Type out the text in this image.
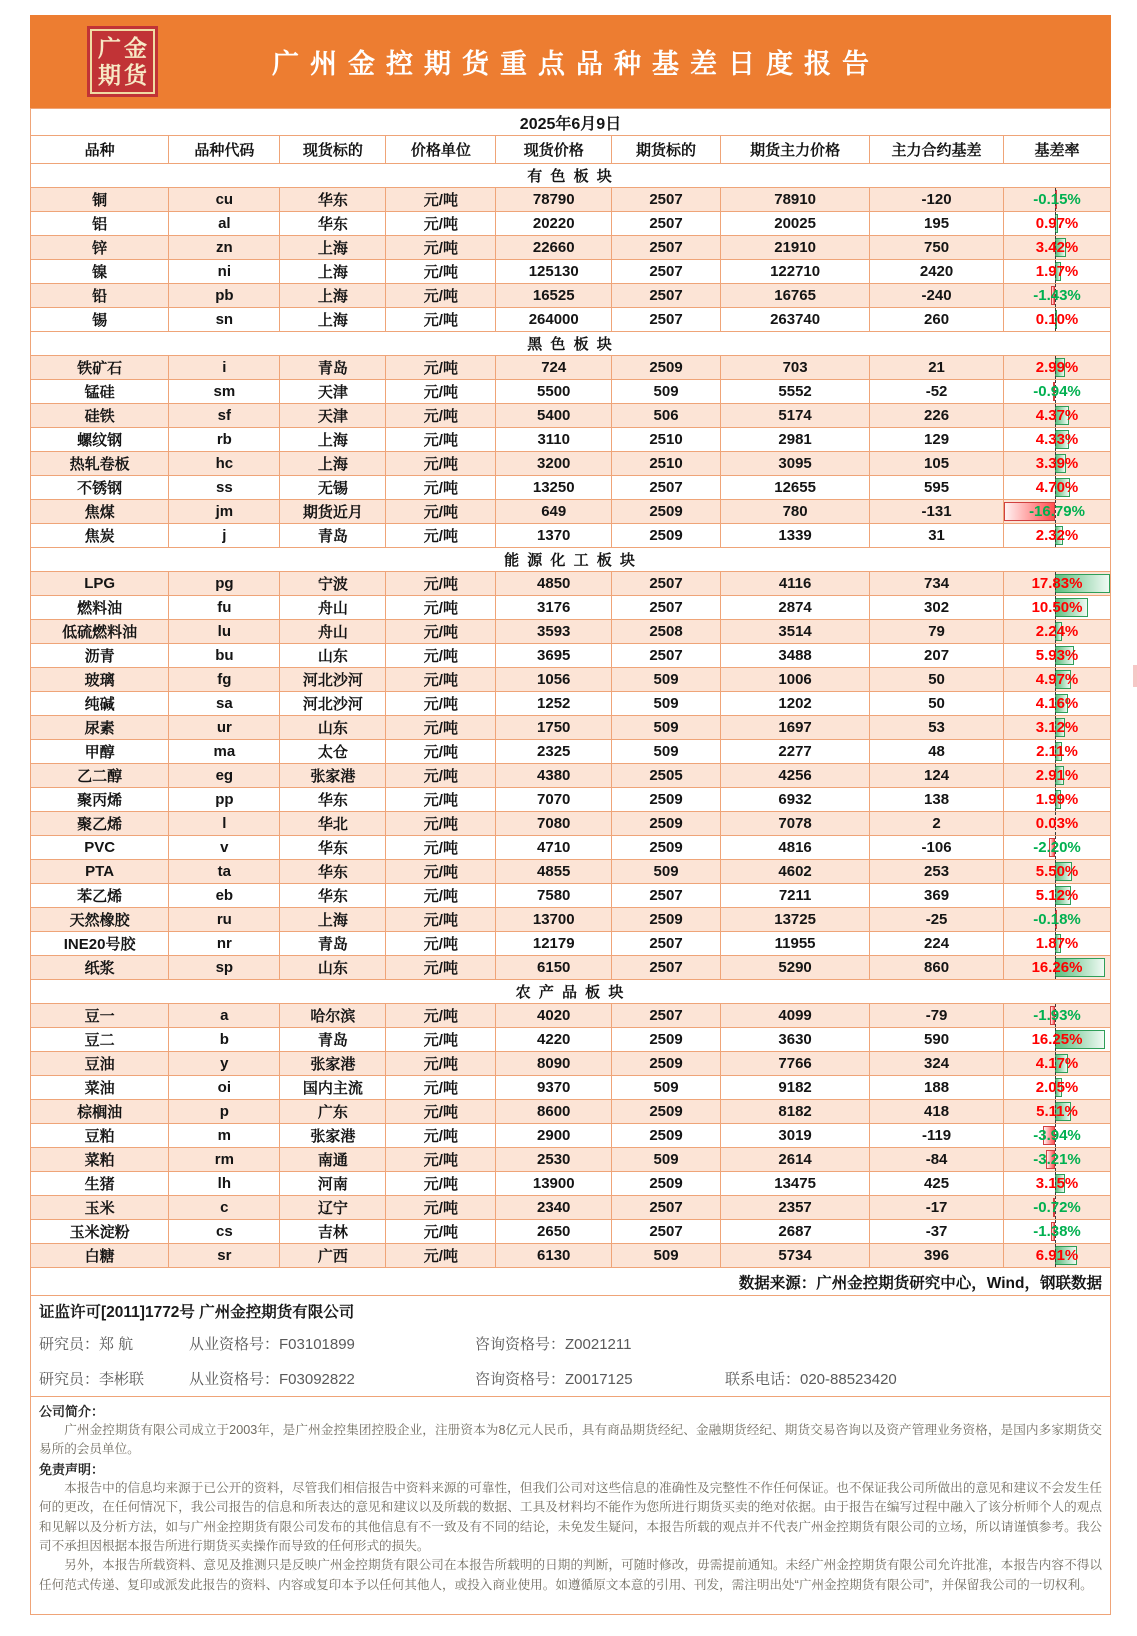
广金
期货	广州金控期货重点品种基差日度报告
2025年6月9日								
品种	品种代码	现货标的	价格单位	现货价格	期货标的	期货主力价格	主力合约基差	基差率
有 色 板 块								
铜	cu	华东	元/吨	78790	2507	78910	-120	-0.15%

铝	al	华东	元/吨	20220	2507	20025	195	0.97%

锌	zn	上海	元/吨	22660	2507	21910	750	3.42%

镍	ni	上海	元/吨	125130	2507	122710	2420	1.97%

铅	pb	上海	元/吨	16525	2507	16765	-240	-1.43%

锡	sn	上海	元/吨	264000	2507	263740	260	0.10%

黑 色 板 块								
铁矿石	i	青岛	元/吨	724	2509	703	21	2.99%

锰硅	sm	天津	元/吨	5500	509	5552	-52	-0.94%

硅铁	sf	天津	元/吨	5400	506	5174	226	4.37%

螺纹钢	rb	上海	元/吨	3110	2510	2981	129	4.33%

热轧卷板	hc	上海	元/吨	3200	2510	3095	105	3.39%

不锈钢	ss	无锡	元/吨	13250	2507	12655	595	4.70%

焦煤	jm	期货近月	元/吨	649	2509	780	-131	-16.79%

焦炭	j	青岛	元/吨	1370	2509	1339	31	2.32%

能 源 化 工 板 块								
LPG	pg	宁波	元/吨	4850	2507	4116	734	17.83%

燃料油	fu	舟山	元/吨	3176	2507	2874	302	10.50%

低硫燃料油	lu	舟山	元/吨	3593	2508	3514	79	2.24%

沥青	bu	山东	元/吨	3695	2507	3488	207	5.93%

玻璃	fg	河北沙河	元/吨	1056	509	1006	50	4.97%

纯碱	sa	河北沙河	元/吨	1252	509	1202	50	4.16%

尿素	ur	山东	元/吨	1750	509	1697	53	3.12%

甲醇	ma	太仓	元/吨	2325	509	2277	48	2.11%

乙二醇	eg	张家港	元/吨	4380	2505	4256	124	2.91%

聚丙烯	pp	华东	元/吨	7070	2509	6932	138	1.99%

聚乙烯	l	华北	元/吨	7080	2509	7078	2	0.03%

PVC	v	华东	元/吨	4710	2509	4816	-106	-2.20%

PTA	ta	华东	元/吨	4855	509	4602	253	5.50%

苯乙烯	eb	华东	元/吨	7580	2507	7211	369	5.12%

天然橡胶	ru	上海	元/吨	13700	2509	13725	-25	-0.18%

INE20号胶	nr	青岛	元/吨	12179	2507	11955	224	1.87%

纸浆	sp	山东	元/吨	6150	2507	5290	860	16.26%

农 产 品 板 块								
豆一	a	哈尔滨	元/吨	4020	2507	4099	-79	-1.93%

豆二	b	青岛	元/吨	4220	2509	3630	590	16.25%

豆油	y	张家港	元/吨	8090	2509	7766	324	4.17%

菜油	oi	国内主流	元/吨	9370	509	9182	188	2.05%

棕榈油	p	广东	元/吨	8600	2509	8182	418	5.11%

豆粕	m	张家港	元/吨	2900	2509	3019	-119	-3.94%

菜粕	rm	南通	元/吨	2530	509	2614	-84	-3.21%

生猪	lh	河南	元/吨	13900	2509	13475	425	3.15%

玉米	c	辽宁	元/吨	2340	2507	2357	-17	-0.72%

玉米淀粉	cs	吉林	元/吨	2650	2507	2687	-37	-1.38%

白糖	sr	广西	元/吨	6130	509	5734	396	6.91%

数据来源：广州金控期货研究中心，Wind，钢联数据								
证监许可[2011]1772号 广州金控期货有限公司
研究员：郑 航	从业资格号：F03101899	咨询资格号：Z0021211
研究员：李彬联	从业资格号：F03092822	咨询资格号：Z0017125	联系电话：020-88523420
公司简介：

广州金控期货有限公司成立于2003年，是广州金控集团控股企业，注册资本为8亿元人民币，具有商品期货经纪、金融期货经纪、期货交易咨询以及资产管理业务资格，是国内多家期货交易所的会员单位。

免责声明：

本报告中的信息均来源于已公开的资料，尽管我们相信报告中资料来源的可靠性，但我们公司对这些信息的准确性及完整性不作任何保证。也不保证我公司所做出的意见和建议不会发生任何的更改，在任何情况下，我公司报告的信息和所表达的意见和建议以及所载的数据、工具及材料均不能作为您所进行期货买卖的绝对依据。由于报告在编写过程中融入了该分析师个人的观点和见解以及分析方法，如与广州金控期货有限公司发布的其他信息有不一致及有不同的结论，未免发生疑问，本报告所载的观点并不代表广州金控期货有限公司的立场，所以请谨慎参考。我公司不承担因根据本报告所进行期货买卖操作而导致的任何形式的损失。

另外，本报告所载资料、意见及推测只是反映广州金控期货有限公司在本报告所载明的日期的判断，可随时修改，毋需提前通知。未经广州金控期货有限公司允许批准，本报告内容不得以任何范式传递、复印或派发此报告的资料、内容或复印本予以任何其他人，或投入商业使用。如遵循原文本意的引用、刊发，需注明出处“广州金控期货有限公司”，并保留我公司的一切权利。
